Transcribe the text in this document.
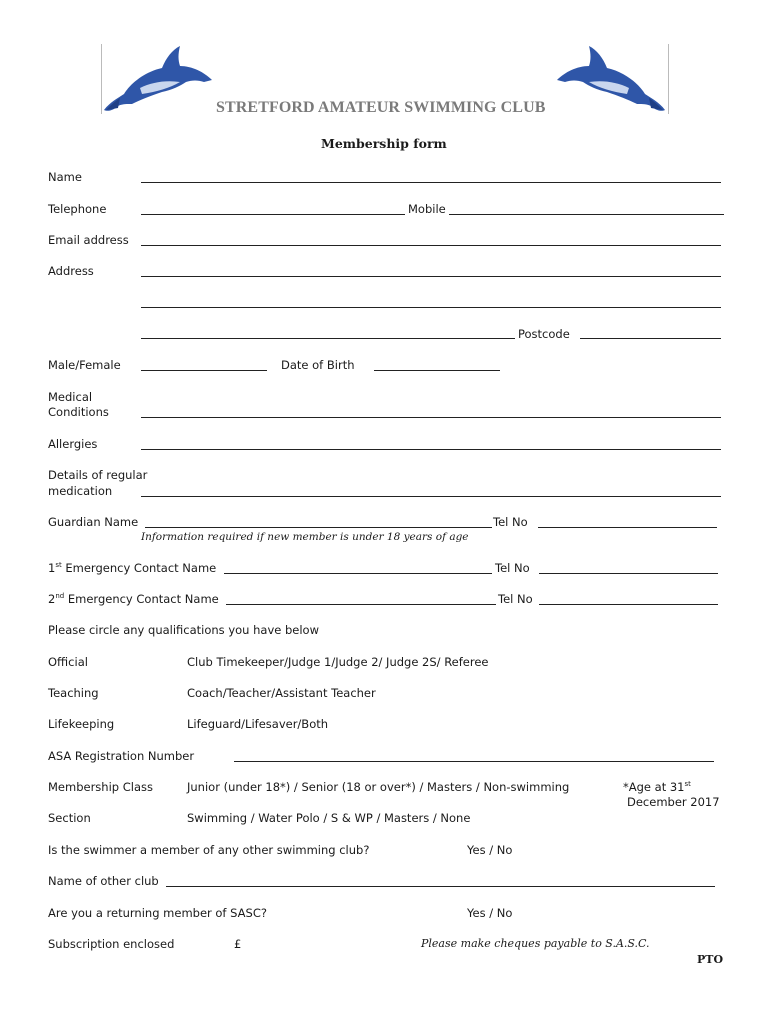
STRETFORD AMATEUR SWIMMING CLUB
Membership form
Name
Telephone	Mobile
Email address
Address
Postcode
Male/Female	Date of Birth
Medical
Conditions
Allergies
Details of regular
medication
Guardian Name	Tel No
Information required if new member is under 18 years of age
1st Emergency Contact Name	Tel No
2nd Emergency Contact Name	Tel No
Please circle any qualifications you have below
Official	Club Timekeeper/Judge 1/Judge 2/ Judge 2S/ Referee
Teaching	Coach/Teacher/Assistant Teacher
Lifekeeping	Lifeguard/Lifesaver/Both
ASA Registration Number
Membership Class	Junior (under 18*) / Senior (18 or over*) / Masters / Non-swimming	*Age at 31st
December 2017
Section	Swimming / Water Polo / S & WP / Masters / None
Is the swimmer a member of any other swimming club?	Yes / No
Name of other club
Are you a returning member of SASC?	Yes / No
Subscription enclosed	£	Please make cheques payable to S.A.S.C.
PTO
